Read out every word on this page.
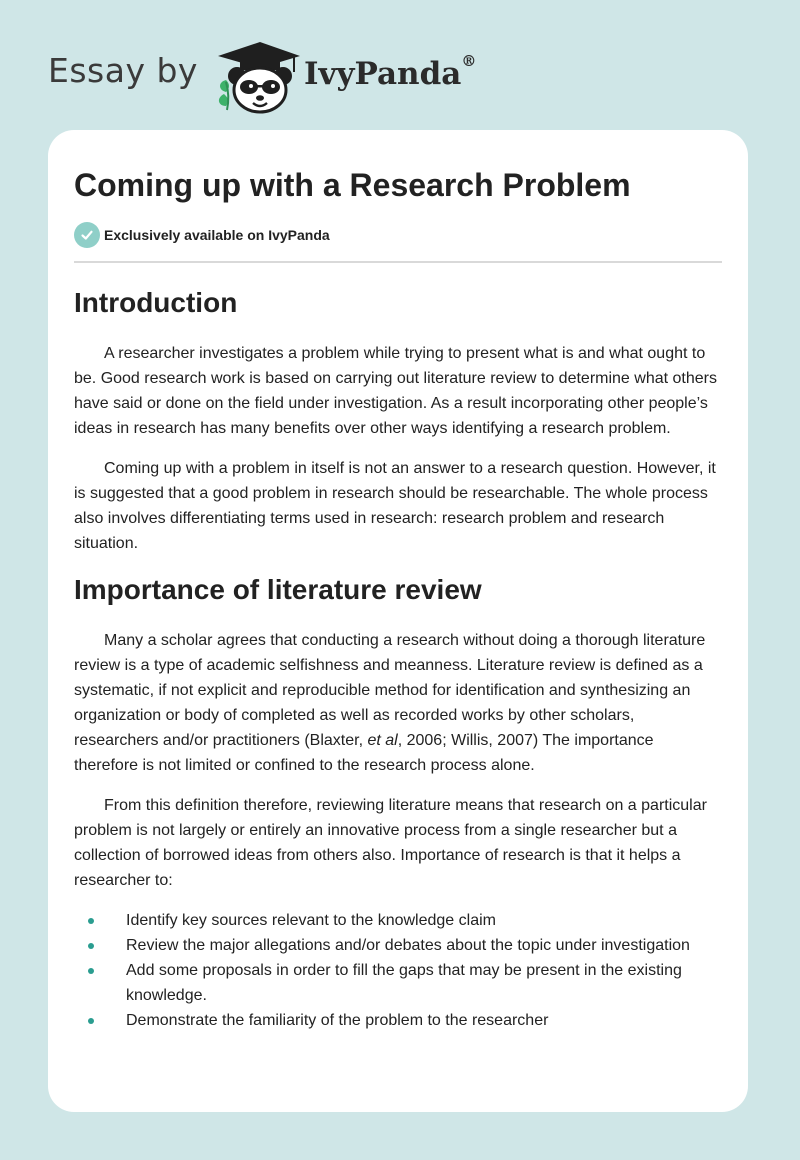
Essay by	IvyPanda®
Coming up with a Research Problem
Exclusively available on IvyPanda
Introduction

A researcher investigates a problem while trying to present what is and what ought to be. Good research work is based on carrying out literature review to determine what others have said or done on the field under investigation. As a result incorporating other people’s ideas in research has many benefits over other ways identifying a research problem.

Coming up with a problem in itself is not an answer to a research question. However, it is suggested that a good problem in research should be researchable. The whole process also involves differentiating terms used in research: research problem and research situation.

Importance of literature review

Many a scholar agrees that conducting a research without doing a thorough literature review is a type of academic selfishness and meanness. Literature review is defined as a systematic, if not explicit and reproducible method for identification and synthesizing an organization or body of completed as well as recorded works by other scholars, researchers and/or practitioners (Blaxter, et al, 2006; Willis, 2007) The importance therefore is not limited or confined to the research process alone.

From this definition therefore, reviewing literature means that research on a particular problem is not largely or entirely an innovative process from a single researcher but a collection of borrowed ideas from others also. Importance of research is that it helps a researcher to:

Identify key sources relevant to the knowledge claim
Review the major allegations and/or debates about the topic under investigation
Add some proposals in order to fill the gaps that may be present in the existing knowledge.
Demonstrate the familiarity of the problem to the researcher
